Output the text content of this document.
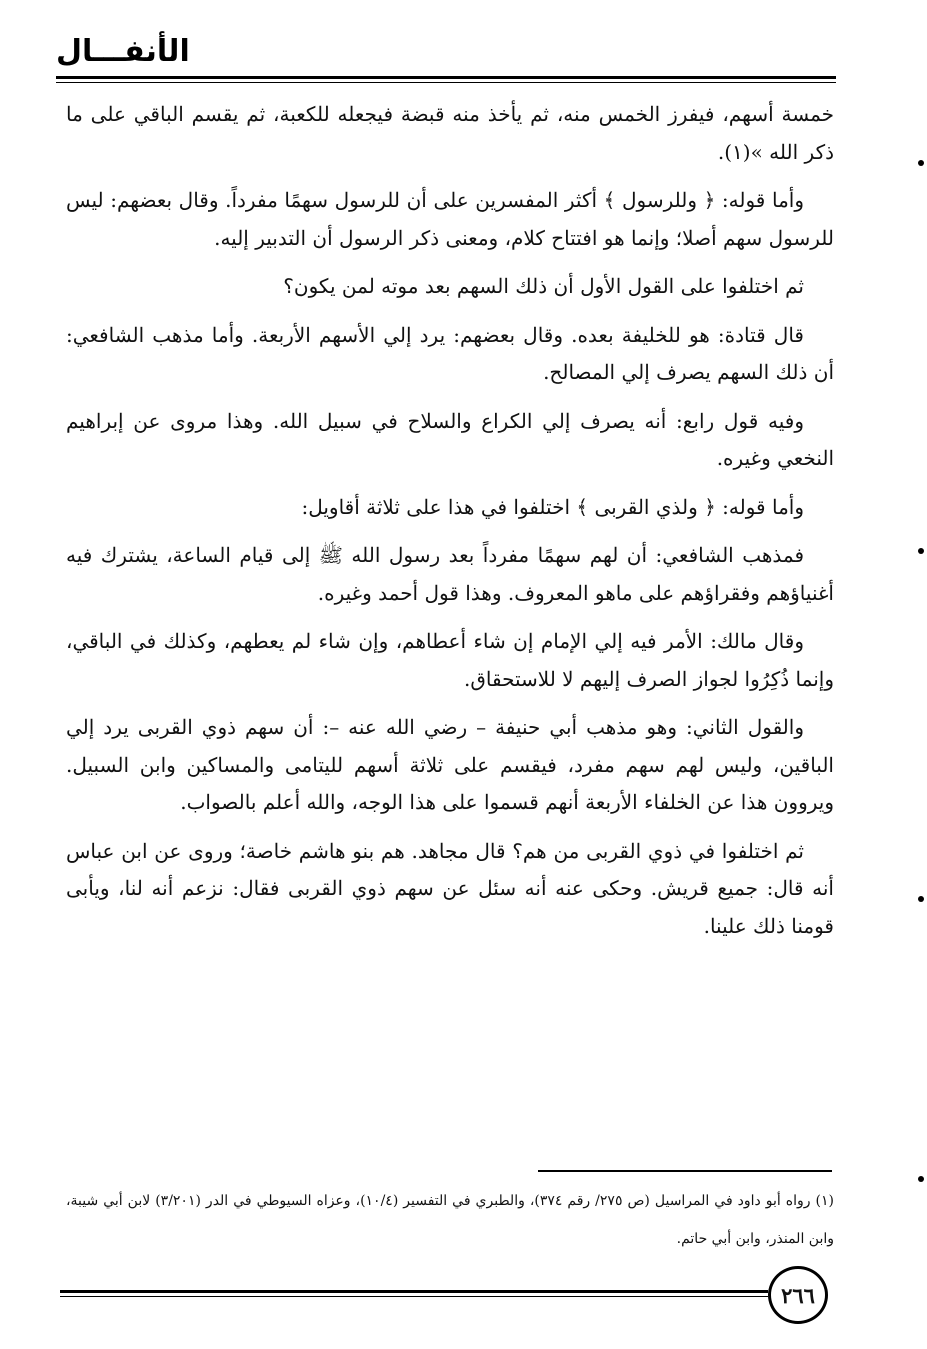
الأنفـــال

خمسة أسهم، فيفرز الخمس منه، ثم يأخذ منه قبضة فيجعله للكعبة، ثم يقسم الباقي على ما ذكر الله »(١).

وأما قوله: ﴿ وللرسول ﴾ أكثر المفسرين على أن للرسول سهمًا مفرداً. وقال بعضهم: ليس للرسول سهم أصلا؛ وإنما هو افتتاح كلام، ومعنى ذكر الرسول أن التدبير إليه.

ثم اختلفوا على القول الأول أن ذلك السهم بعد موته لمن يكون؟

قال قتادة: هو للخليفة بعده. وقال بعضهم: يرد إلي الأسهم الأربعة. وأما مذهب الشافعي: أن ذلك السهم يصرف إلي المصالح.

وفيه قول رابع: أنه يصرف إلي الكراع والسلاح في سبيل الله. وهذا مروى عن إبراهيم النخعي وغيره.

وأما قوله: ﴿ ولذي القربى ﴾ اختلفوا في هذا على ثلاثة أقاويل:

فمذهب الشافعي: أن لهم سهمًا مفرداً بعد رسول الله ﷺ إلى قيام الساعة، يشترك فيه أغنياؤهم وفقراؤهم على ماهو المعروف. وهذا قول أحمد وغيره.

وقال مالك: الأمر فيه إلي الإمام إن شاء أعطاهم، وإن شاء لم يعطهم، وكذلك في الباقي، وإنما ذُكِرُوا لجواز الصرف إليهم لا للاستحقاق.

والقول الثاني: وهو مذهب أبي حنيفة – رضي الله عنه –: أن سهم ذوي القربى يرد إلي الباقين، وليس لهم سهم مفرد، فيقسم على ثلاثة أسهم لليتامى والمساكين وابن السبيل. ويروون هذا عن الخلفاء الأربعة أنهم قسموا على هذا الوجه، والله أعلم بالصواب.

ثم اختلفوا في ذوي القربى من هم؟ قال مجاهد. هم بنو هاشم خاصة؛ وروى عن ابن عباس أنه قال: جميع قريش. وحكى عنه أنه سئل عن سهم ذوي القربى فقال: نزعم أنه لنا، ويأبى قومنا ذلك علينا.

(١) رواه أبو داود في المراسيل (ص ٢٧٥/ رقم ٣٧٤)، والطبري في التفسير (١٠/٤)، وعزاه السيوطي في الدر (٣/٢٠١) لابن أبي شيبة، وابن المنذر، وابن أبي حاتم.
٢٦٦
